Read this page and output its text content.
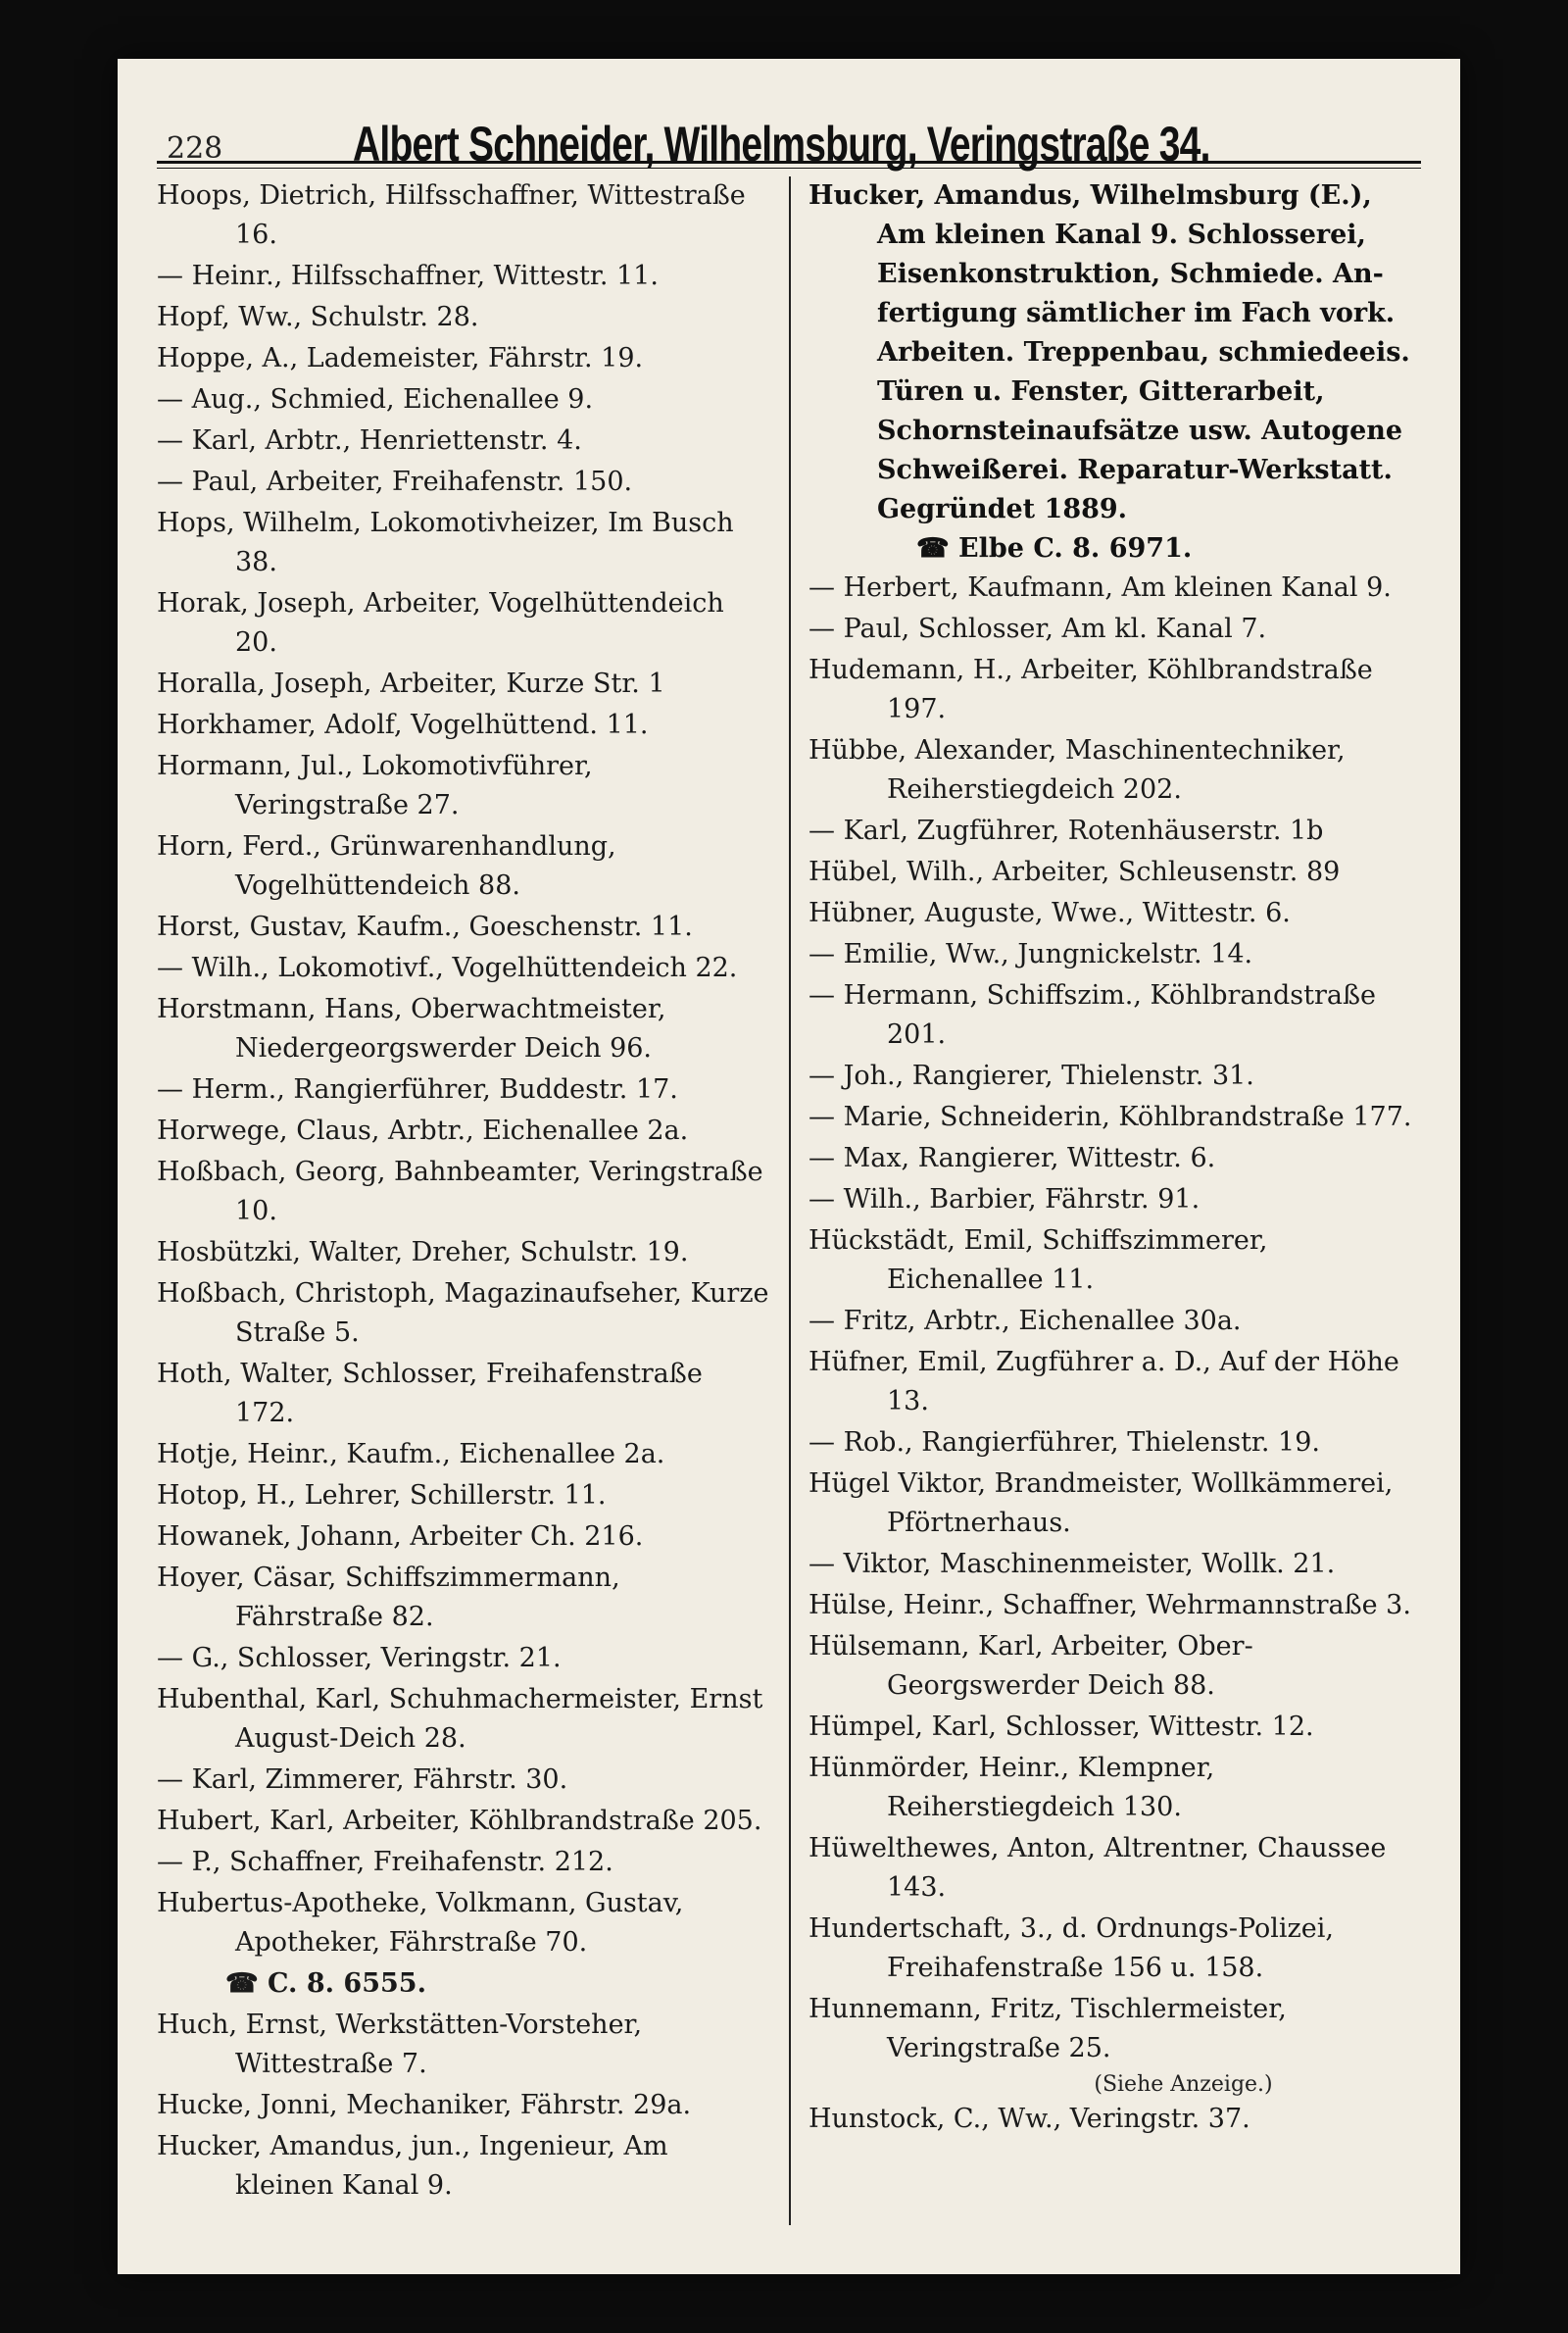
228	Albert Schneider, Wilhelmsburg, Veringstraße 34.

Hoops, Dietrich, Hilfsschaffner, Wittestraße 16.

— Heinr., Hilfsschaffner, Wittestr. 11.

Hopf, Ww., Schulstr. 28.

Hoppe, A., Lademeister, Fährstr. 19.

— Aug., Schmied, Eichenallee 9.

— Karl, Arbtr., Henriettenstr. 4.

— Paul, Arbeiter, Freihafenstr. 150.

Hops, Wilhelm, Lokomotivheizer, Im Busch 38.

Horak, Joseph, Arbeiter, Vogelhüttendeich 20.

Horalla, Joseph, Arbeiter, Kurze Str. 1

Horkhamer, Adolf, Vogelhüttend. 11.

Hormann, Jul., Lokomotivführer, Veringstraße 27.

Horn, Ferd., Grünwarenhandlung, Vogelhüttendeich 88.

Horst, Gustav, Kaufm., Goeschenstr. 11.

— Wilh., Lokomotivf., Vogelhüttendeich 22.

Horstmann, Hans, Oberwachtmeister, Niedergeorgswerder Deich 96.

— Herm., Rangierführer, Buddestr. 17.

Horwege, Claus, Arbtr., Eichenallee 2a.

Hoßbach, Georg, Bahnbeamter, Veringstraße 10.

Hosbützki, Walter, Dreher, Schulstr. 19.

Hoßbach, Christoph, Magazinaufseher, Kurze Straße 5.

Hoth, Walter, Schlosser, Freihafenstraße 172.

Hotje, Heinr., Kaufm., Eichenallee 2a.

Hotop, H., Lehrer, Schillerstr. 11.

Howanek, Johann, Arbeiter Ch. 216.

Hoyer, Cäsar, Schiffszimmermann, Fährstraße 82.

— G., Schlosser, Veringstr. 21.

Hubenthal, Karl, Schuhmachermeister, Ernst August-Deich 28.

— Karl, Zimmerer, Fährstr. 30.

Hubert, Karl, Arbeiter, Köhlbrandstraße 205.

— P., Schaffner, Freihafenstr. 212.

Hubertus-Apotheke, Volkmann, Gustav, Apotheker, Fährstraße 70.

☎ C. 8. 6555.

Huch, Ernst, Werkstätten-Vorsteher, Wittestraße 7.

Hucke, Jonni, Mechaniker, Fährstr. 29a.

Hucker, Amandus, jun., Ingenieur, Am kleinen Kanal 9.

Hucker, Amandus, Wilhelmsburg (E.),
Am kleinen Kanal 9. Schlosserei,
Eisenkonstruktion, Schmiede. An-
fertigung sämtlicher im Fach vork.
Arbeiten. Treppenbau, schmiedeeis.
Türen u. Fenster, Gitterarbeit,
Schornsteinaufsätze usw. Autogene
Schweißerei. Reparatur-Werkstatt.
Gegründet 1889.
☎ Elbe C. 8. 6971.

— Herbert, Kaufmann, Am kleinen Kanal 9.

— Paul, Schlosser, Am kl. Kanal 7.

Hudemann, H., Arbeiter, Köhlbrandstraße 197.

Hübbe, Alexander, Maschinentechniker, Reiherstiegdeich 202.

— Karl, Zugführer, Rotenhäuserstr. 1b

Hübel, Wilh., Arbeiter, Schleusenstr. 89

Hübner, Auguste, Wwe., Wittestr. 6.

— Emilie, Ww., Jungnickelstr. 14.

— Hermann, Schiffszim., Köhlbrandstraße 201.

— Joh., Rangierer, Thielenstr. 31.

— Marie, Schneiderin, Köhlbrandstraße 177.

— Max, Rangierer, Wittestr. 6.

— Wilh., Barbier, Fährstr. 91.

Hückstädt, Emil, Schiffszimmerer, Eichenallee 11.

— Fritz, Arbtr., Eichenallee 30a.

Hüfner, Emil, Zugführer a. D., Auf der Höhe 13.

— Rob., Rangierführer, Thielenstr. 19.

Hügel Viktor, Brandmeister, Wollkämmerei, Pförtnerhaus.

— Viktor, Maschinenmeister, Wollk. 21.

Hülse, Heinr., Schaffner, Wehrmannstraße 3.

Hülsemann, Karl, Arbeiter, Ober-Georgswerder Deich 88.

Hümpel, Karl, Schlosser, Wittestr. 12.

Hünmörder, Heinr., Klempner, Reiherstiegdeich 130.

Hüwelthewes, Anton, Altrentner, Chaussee 143.

Hundertschaft, 3., d. Ordnungs-Polizei, Freihafenstraße 156 u. 158.

Hunnemann, Fritz, Tischlermeister, Veringstraße 25.

(Siehe Anzeige.)

Hunstock, C., Ww., Veringstr. 37.
